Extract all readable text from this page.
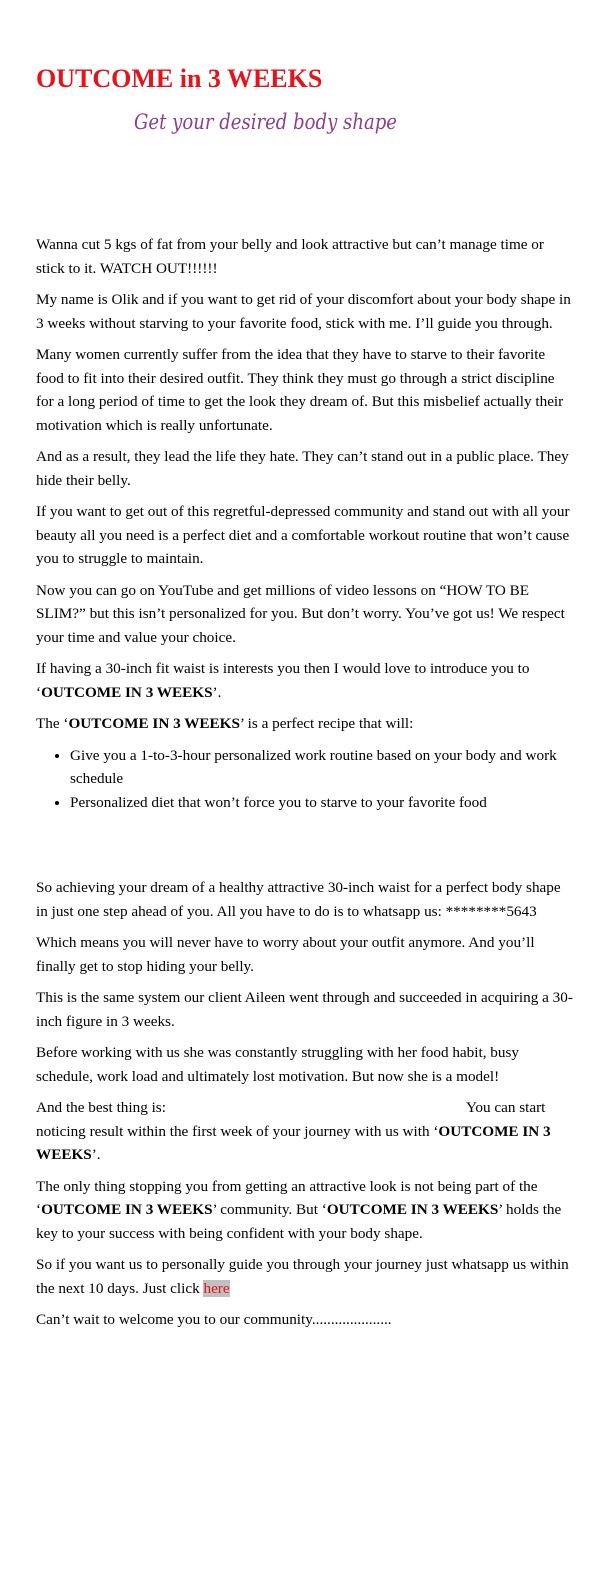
OUTCOME in 3 WEEKS
Get your desired body shape

Wanna cut 5 kgs of fat from your belly and look attractive but can’t manage time or stick to it. WATCH OUT!!!!!!

My name is Olik and if you want to get rid of your discomfort about your body shape in 3 weeks without starving to your favorite food, stick with me. I’ll guide you through.

Many women currently suffer from the idea that they have to starve to their favorite food to fit into their desired outfit. They think they must go through a strict discipline for a long period of time to get the look they dream of. But this misbelief actually their motivation which is really unfortunate.

And as a result, they lead the life they hate. They can’t stand out in a public place. They hide their belly.

If you want to get out of this regretful-depressed community and stand out with all your beauty all you need is a perfect diet and a comfortable workout routine that won’t cause you to struggle to maintain.

Now you can go on YouTube and get millions of video lessons on “HOW TO BE SLIM?” but this isn’t personalized for you. But don’t worry. You’ve got us! We respect your time and value your choice.

If having a 30-inch fit waist is interests you then I would love to introduce you to ‘OUTCOME IN 3 WEEKS’.

The ‘OUTCOME IN 3 WEEKS’ is a perfect recipe that will:

• Give you a 1-to-3-hour personalized work routine based on your body and work schedule
• Personalized diet that won’t force you to starve to your favorite food

So achieving your dream of a healthy attractive 30-inch waist for a perfect body shape in just one step ahead of you. All you have to do is to whatsapp us: ********5643

Which means you will never have to worry about your outfit anymore. And you’ll finally get to stop hiding your belly.

This is the same system our client Aileen went through and succeeded in acquiring a 30-inch figure in 3 weeks.

Before working with us she was constantly struggling with her food habit, busy schedule, work load and ultimately lost motivation. But now she is a model!

And the best thing is:	You can start noticing result within the first week of your journey with us with ‘OUTCOME IN 3 WEEKS’.

The only thing stopping you from getting an attractive look is not being part of the ‘OUTCOME IN 3 WEEKS’ community. But ‘OUTCOME IN 3 WEEKS’ holds the key to your success with being confident with your body shape.

So if you want us to personally guide you through your journey just whatsapp us within the next 10 days. Just click here

Can’t wait to welcome you to our community.....................
